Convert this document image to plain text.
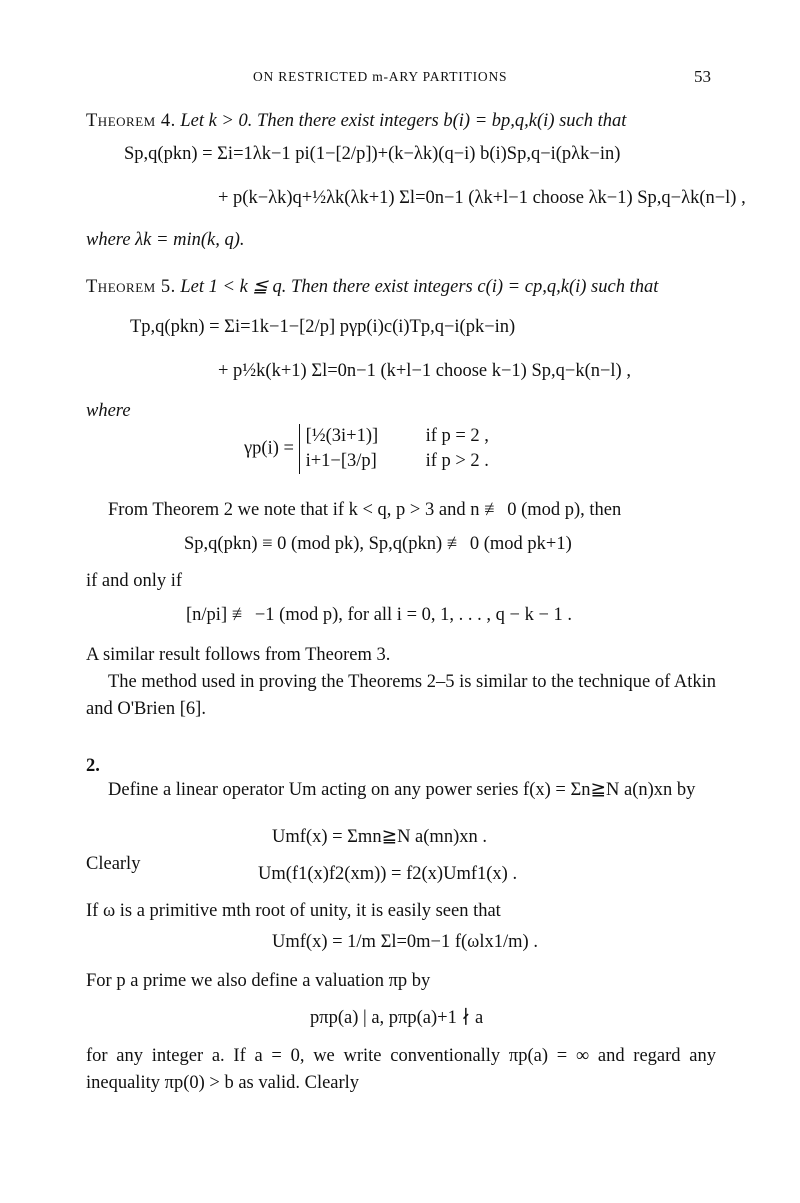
ON RESTRICTED m-ARY PARTITIONS	53
Theorem 4. Let k > 0. Then there exist integers b(i) = bp,q,k(i) such that
Sp,q(pkn) = Σi=1λk−1 pi(1−[2/p])+(k−λk)(q−i) b(i)Sp,q−i(pλk−in)
+ p(k−λk)q+½λk(λk+1) Σl=0n−1 (λk+l−1 choose λk−1) Sp,q−λk(n−l) ,
where λk = min(k, q).
Theorem 5. Let 1 < k ≦ q. Then there exist integers c(i) = cp,q,k(i) such that
Tp,q(pkn) = Σi=1k−1−[2/p] pγp(i)c(i)Tp,q−i(pk−in)
+ p½k(k+1) Σl=0n−1 (k+l−1 choose k−1) Sp,q−k(n−l) ,
where
γp(i) = [½(3i+1)]	if p = 2 ,
i+1−[3/p]	if p > 2 .
From Theorem 2 we note that if k < q, p > 3 and n ≢ 0 (mod p), then
Sp,q(pkn) ≡ 0 (mod pk), Sp,q(pkn) ≢ 0 (mod pk+1)
if and only if
[n/pi] ≢ −1 (mod p), for all i = 0, 1, . . . , q − k − 1 .
A similar result follows from Theorem 3.
The method used in proving the Theorems 2–5 is similar to the technique of Atkin and O'Brien [6].
2.
Define a linear operator Um acting on any power series f(x) = Σn≧N a(n)xn by
Umf(x) = Σmn≧N a(mn)xn .
Clearly	Um(f1(x)f2(xm)) = f2(x)Umf1(x) .
If ω is a primitive mth root of unity, it is easily seen that
Umf(x) = 1/m Σl=0m−1 f(ωlx1/m) .
For p a prime we also define a valuation πp by
pπp(a) | a, pπp(a)+1 ∤ a
for any integer a. If a = 0, we write conventionally πp(a) = ∞ and regard any inequality πp(0) > b as valid. Clearly
